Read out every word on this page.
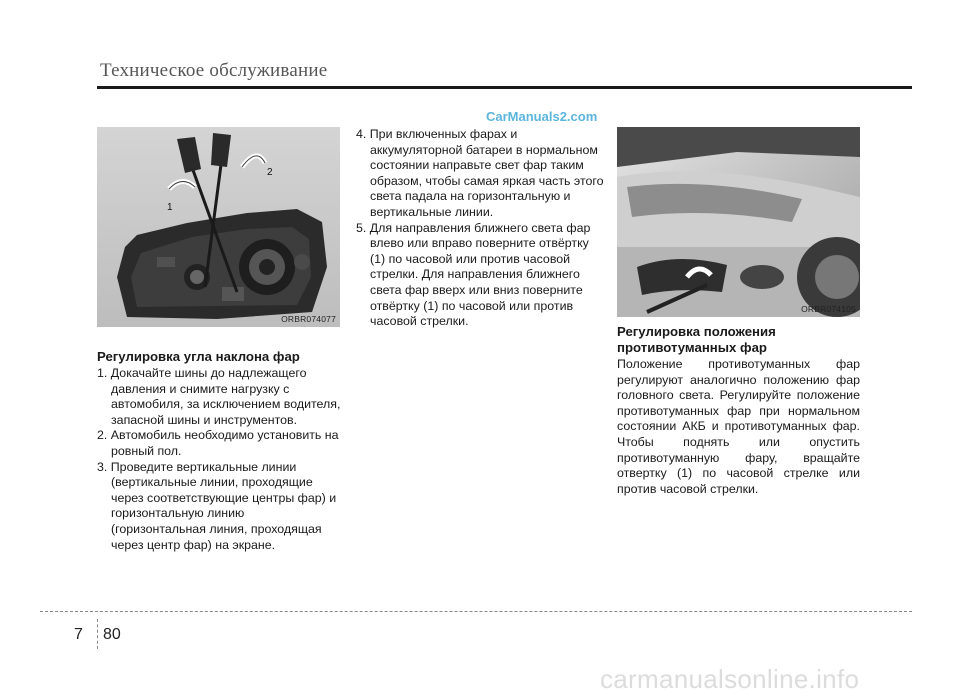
Техническое обслуживание
1
2
ORBR074077
ORBR074105

Регулировка угла наклона фар

1. Докачайте шины до надлежащего давления и снимите нагрузку с автомобиля, за исключением водителя, запасной шины и инструментов.

2. Автомобиль необходимо установить на ровный пол.

3. Проведите вертикальные линии (вертикальные линии, проходящие через соответствующие центры фар) и горизонтальную линию (горизонтальная линия, проходящая через центр фар) на экране.

4. При включенных фарах и аккумуляторной батареи в нормальном состоянии направьте свет фар таким образом, чтобы самая яркая часть этого света падала на горизонтальную и вертикальные линии.

5. Для направления ближнего света фар влево или вправо поверните отвёртку (1) по часовой или против часовой стрелки. Для направления ближнего света фар вверх или вниз поверните отвёртку (1) по часовой или против часовой стрелки.

Регулировка положения противотуманных фар

Положение противотуманных фар регулируют аналогично положению фар головного света. Регулируйте положение противотуманных фар при нормальном состоянии АКБ и противотуманных фар. Чтобы поднять или опустить противотуманную фару, вращайте отвертку (1) по часовой стрелке или против часовой стрелки.

CarManuals2.com
carmanualsonline.info
7 80
